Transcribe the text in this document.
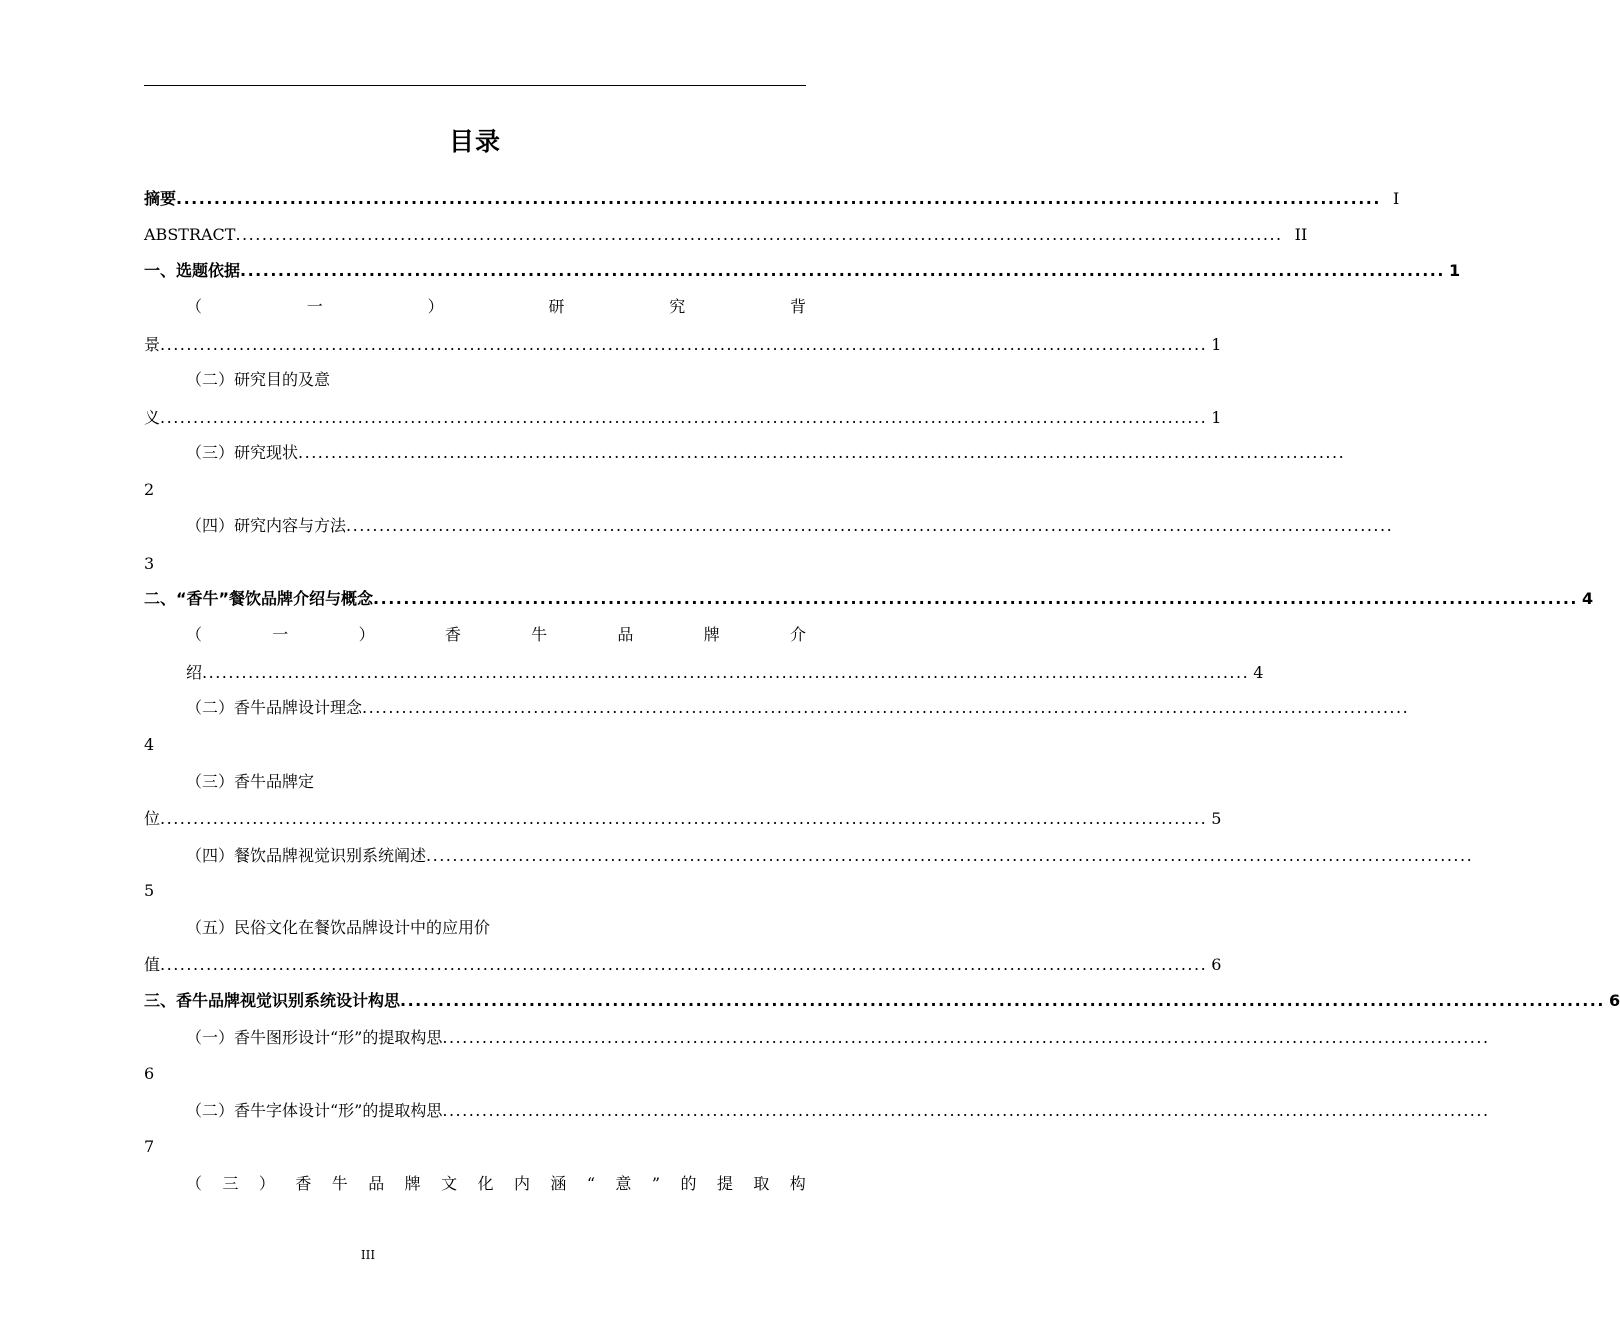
目录
摘要 ............................................................................................................................................................... I
ABSTRACT ............................................................................................................................................................... II
一、选题依据 ............................................................................................................................................................... 1
（	一	）	研	究	背
景 ............................................................................................................................................................... 1
（二）研究目的及意
义 ............................................................................................................................................................... 1
（三）研究现状 ...............................................................................................................................................................
2
（四）研究内容与方法 ...............................................................................................................................................................
3
二、“香牛”餐饮品牌介绍与概念 ............................................................................................................................................................... 4
（	一	）	香	牛	品	牌	介
绍 ............................................................................................................................................................... 4
（二）香牛品牌设计理念 ...............................................................................................................................................................
4
（三）香牛品牌定
位 ............................................................................................................................................................... 5
（四）餐饮品牌视觉识别系统阐述 ...............................................................................................................................................................
5
（五）民俗文化在餐饮品牌设计中的应用价
值 ............................................................................................................................................................... 6
三、香牛品牌视觉识别系统设计构思 ............................................................................................................................................................... 6
（一）香牛图形设计“形”的提取构思 ...............................................................................................................................................................
6
（二）香牛字体设计“形”的提取构思 ...............................................................................................................................................................
7
（ 三 ） 香 牛 品 牌 文 化 内 涵 “ 意 ” 的 提 取 构
III
